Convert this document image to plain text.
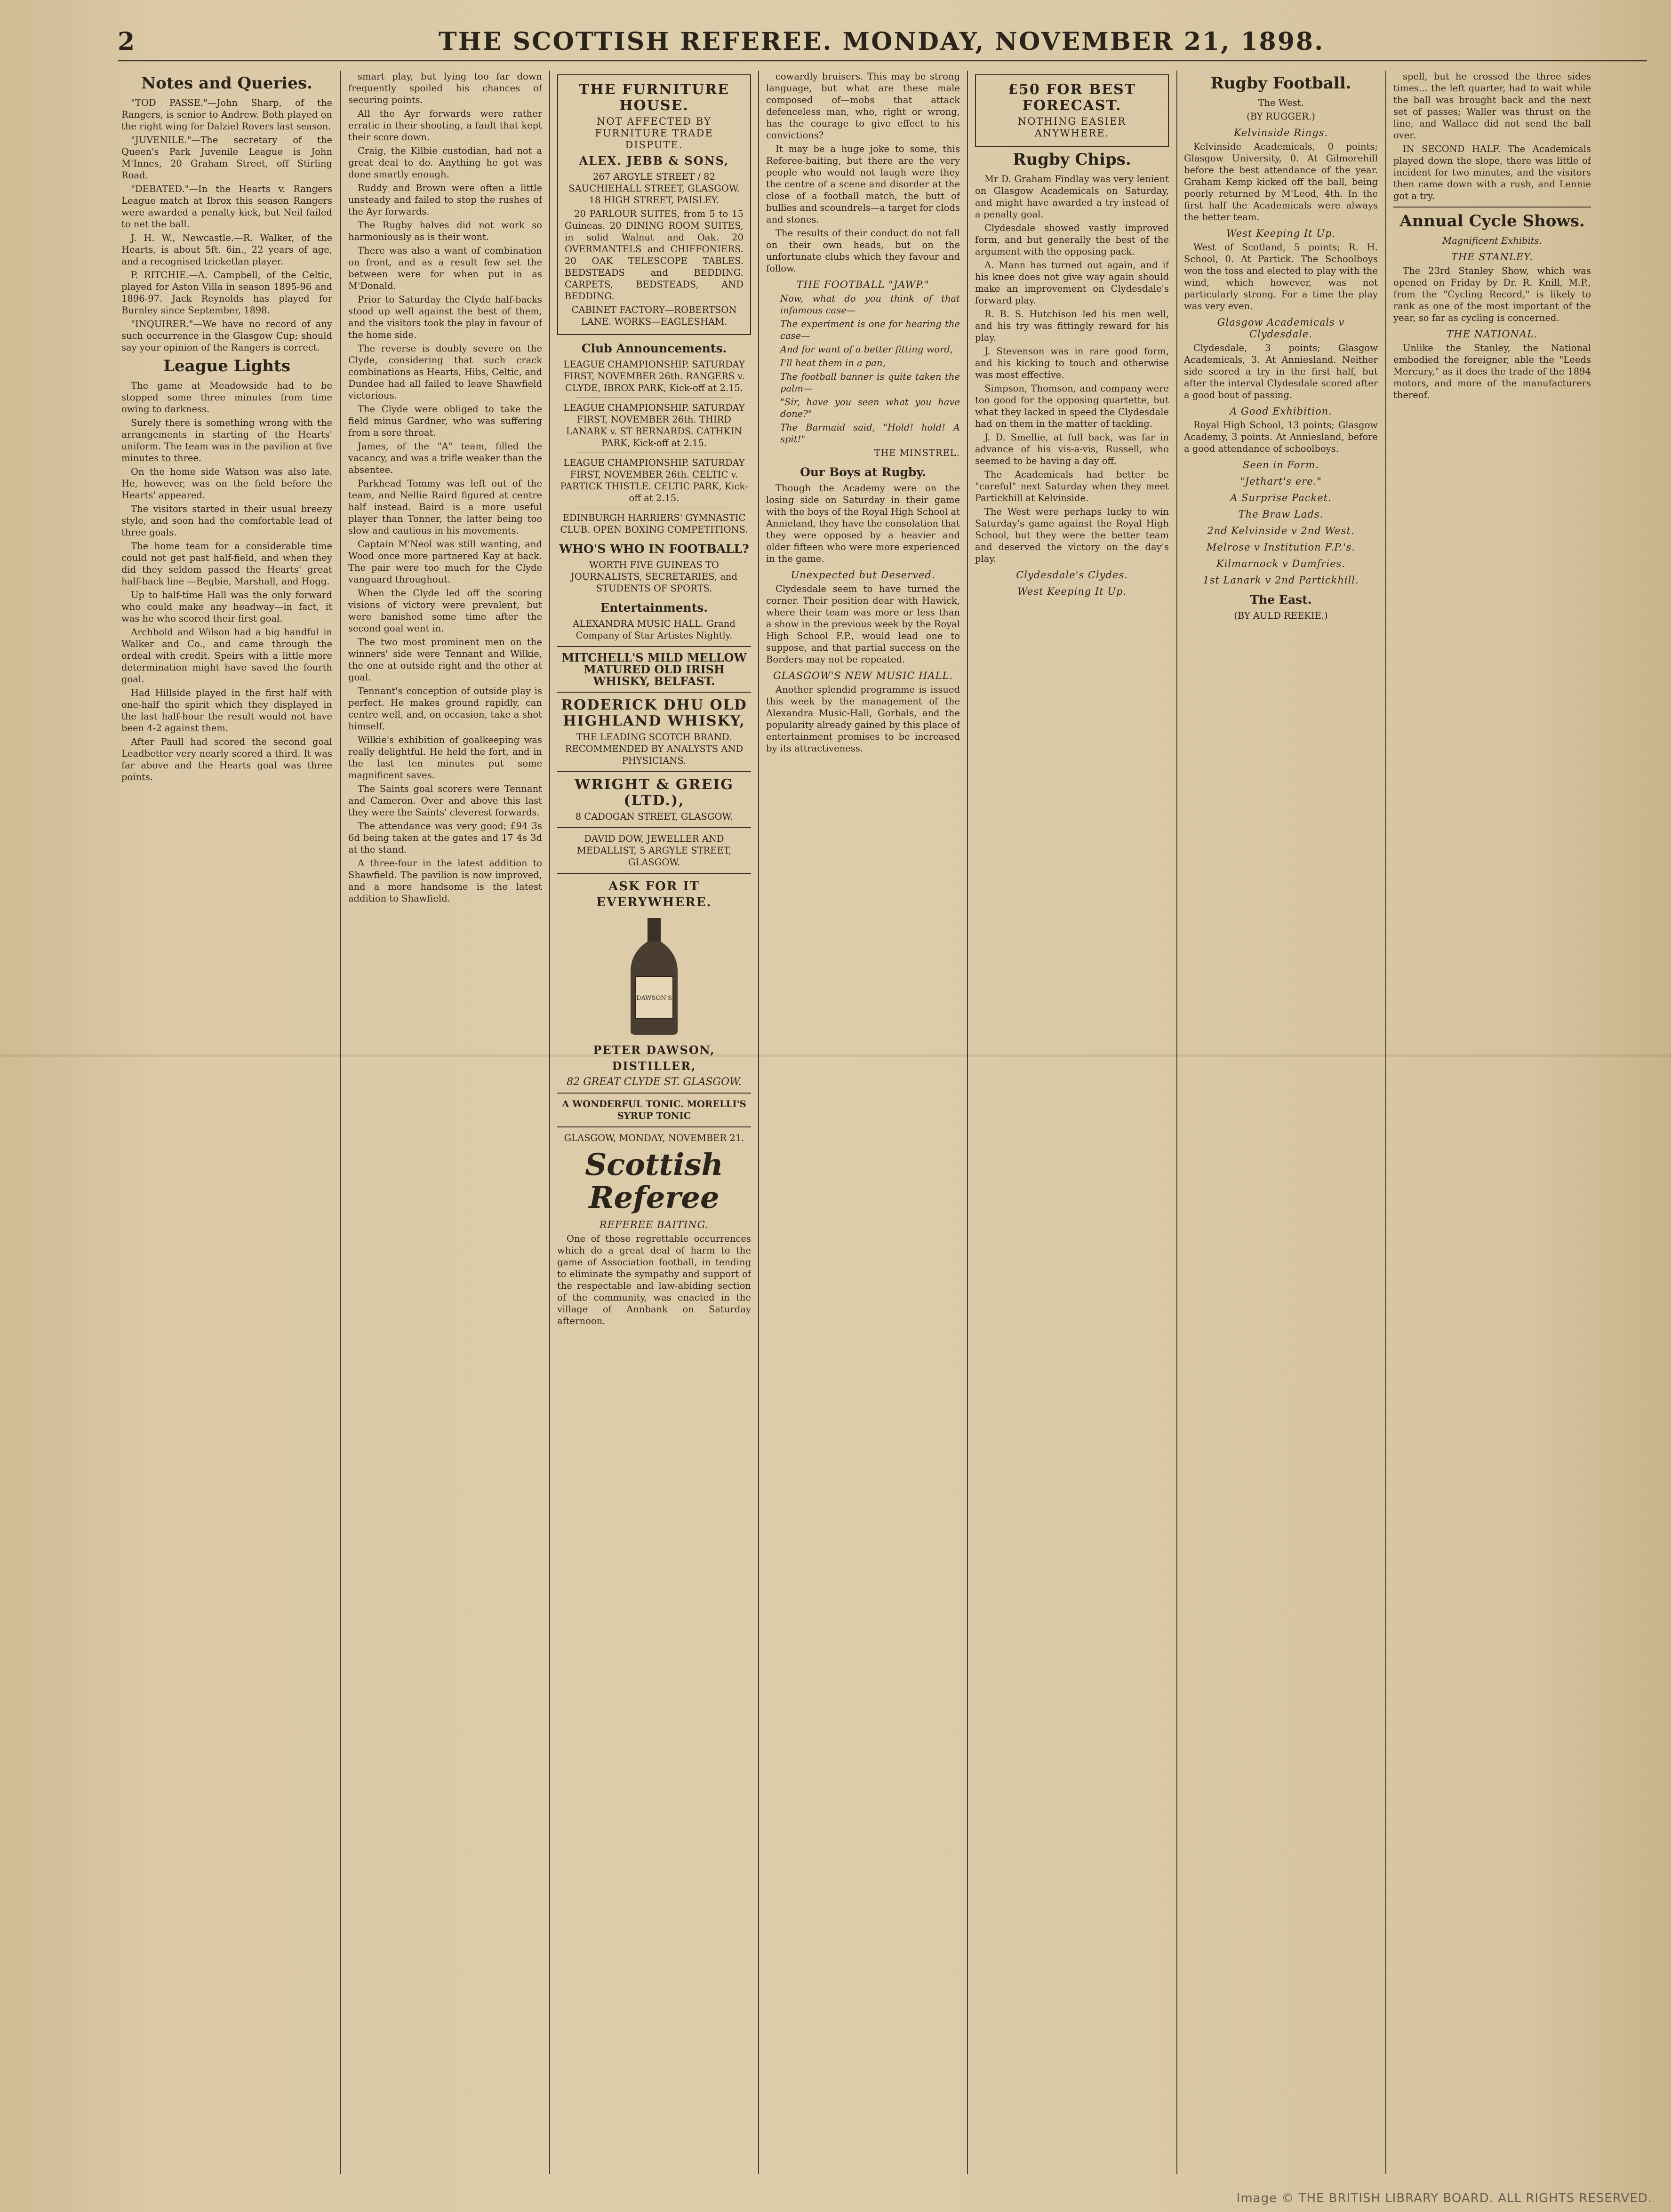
2	THE SCOTTISH REFEREE. MONDAY, NOVEMBER 21, 1898.
Notes and Queries.

"TOD PASSE."—John Sharp, of the Rangers, is senior to Andrew. Both played on the right wing for Dalziel Rovers last season.

"JUVENILE."—The secretary of the Queen's Park Juvenile League is John M'Innes, 20 Graham Street, off Stirling Road.

"DEBATED."—In the Hearts v. Rangers League match at Ibrox this season Rangers were awarded a penalty kick, but Neil failed to net the ball.

J. H. W., Newcastle.—R. Walker, of the Hearts, is about 5ft. 6in., 22 years of age, and a recognised tricketlan player.

P. RITCHIE.—A. Campbell, of the Celtic, played for Aston Villa in season 1895-96 and 1896-97. Jack Reynolds has played for Burnley since September, 1898.

"INQUIRER."—We have no record of any such occurrence in the Glasgow Cup; should say your opinion of the Rangers is correct.

League Lights

The game at Meadowside had to be stopped some three minutes from time owing to darkness.

Surely there is something wrong with the arrangements in starting of the Hearts' uniform. The team was in the pavilion at five minutes to three.

On the home side Watson was also late. He, however, was on the field before the Hearts' appeared.

The visitors started in their usual breezy style, and soon had the comfortable lead of three goals.

The home team for a considerable time could not get past half-field, and when they did they seldom passed the Hearts' great half-back line —Begbie, Marshall, and Hogg.

Up to half-time Hall was the only forward who could make any headway—in fact, it was he who scored their first goal.

Archbold and Wilson had a big handful in Walker and Co., and came through the ordeal with credit. Speirs with a little more determination might have saved the fourth goal.

Had Hillside played in the first half with one-half the spirit which they displayed in the last half-hour the result would not have been 4-2 against them.

After Paull had scored the second goal Leadbetter very nearly scored a third. It was far above and the Hearts goal was three points.

smart play, but lying too far down frequently spoiled his chances of securing points.

All the Ayr forwards were rather erratic in their shooting, a fault that kept their score down.

Craig, the Kilbie custodian, had not a great deal to do. Anything he got was done smartly enough.

Ruddy and Brown were often a little unsteady and failed to stop the rushes of the Ayr forwards.

The Rugby halves did not work so harmoniously as is their wont.

There was also a want of combination on front, and as a result few set the between were for when put in as M'Donald.

Prior to Saturday the Clyde half-backs stood up well against the best of them, and the visitors took the play in favour of the home side.

The reverse is doubly severe on the Clyde, considering that such crack combinations as Hearts, Hibs, Celtic, and Dundee had all failed to leave Shawfield victorious.

The Clyde were obliged to take the field minus Gardner, who was suffering from a sore throat.

James, of the "A" team, filled the vacancy, and was a trifle weaker than the absentee.

Parkhead Tommy was left out of the team, and Nellie Raird figured at centre half instead. Baird is a more useful player than Tonner, the latter being too slow and cautious in his movements.

Captain M'Neol was still wanting, and Wood once more partnered Kay at back. The pair were too much for the Clyde vanguard throughout.

When the Clyde led off the scoring visions of victory were prevalent, but were banished some time after the second goal went in.

The two most prominent men on the winners' side were Tennant and Wilkie, the one at outside right and the other at goal.

Tennant's conception of outside play is perfect. He makes ground rapidly, can centre well, and, on occasion, take a shot himself.

Wilkie's exhibition of goalkeeping was really delightful. He held the fort, and in the last ten minutes put some magnificent saves.

The Saints goal scorers were Tennant and Cameron. Over and above this last they were the Saints' cleverest forwards.

The attendance was very good; £94 3s 6d being taken at the gates and 17 4s 3d at the stand.

A three-four in the latest addition to Shawfield. The pavilion is now improved, and a more handsome is the latest addition to Shawfield.

THE FURNITURE HOUSE.
NOT AFFECTED BY FURNITURE TRADE DISPUTE.
ALEX. JEBB & SONS,

267 ARGYLE STREET / 82 SAUCHIEHALL STREET, GLASGOW. 18 HIGH STREET, PAISLEY.

20 PARLOUR SUITES, from 5 to 15 Guineas. 20 DINING ROOM SUITES, in solid Walnut and Oak. 20 OVERMANTELS and CHIFFONIERS. 20 OAK TELESCOPE TABLES. BEDSTEADS and BEDDING. CARPETS, BEDSTEADS, AND BEDDING.

CABINET FACTORY—ROBERTSON LANE. WORKS—EAGLESHAM.

Club Announcements.

LEAGUE CHAMPIONSHIP. SATURDAY FIRST, NOVEMBER 26th. RANGERS v. CLYDE, IBROX PARK, Kick-off at 2.15.

LEAGUE CHAMPIONSHIP. SATURDAY FIRST, NOVEMBER 26th. THIRD LANARK v. ST BERNARDS. CATHKIN PARK, Kick-off at 2.15.

LEAGUE CHAMPIONSHIP. SATURDAY FIRST, NOVEMBER 26th. CELTIC v. PARTICK THISTLE. CELTIC PARK, Kick-off at 2.15.

EDINBURGH HARRIERS' GYMNASTIC CLUB. OPEN BOXING COMPETITIONS.

WHO'S WHO IN FOOTBALL?

WORTH FIVE GUINEAS TO JOURNALISTS, SECRETARIES, and STUDENTS OF SPORTS.

Entertainments.

ALEXANDRA MUSIC HALL. Grand Company of Star Artistes Nightly.

MITCHELL'S MILD MELLOW MATURED OLD IRISH WHISKY, BELFAST.

RODERICK DHU OLD HIGHLAND WHISKY,

THE LEADING SCOTCH BRAND. RECOMMENDED BY ANALYSTS AND PHYSICIANS.

WRIGHT & GREIG (LTD.),

8 CADOGAN STREET, GLASGOW.

DAVID DOW, JEWELLER AND MEDALLIST, 5 ARGYLE STREET, GLASGOW.

ASK FOR IT EVERYWHERE.
DAWSON'S
PETER DAWSON, DISTILLER,

82 GREAT CLYDE ST. GLASGOW.

A WONDERFUL TONIC. MORELLI'S SYRUP TONIC

GLASGOW, MONDAY, NOVEMBER 21.

Scottish Referee
REFEREE BAITING.

One of those regrettable occurrences which do a great deal of harm to the game of Association football, in tending to eliminate the sympathy and support of the respectable and law-abiding section of the community, was enacted in the village of Annbank on Saturday afternoon.

cowardly bruisers. This may be strong language, but what are these male composed of—mobs that attack defenceless man, who, right or wrong, has the courage to give effect to his convictions?

It may be a huge joke to some, this Referee-baiting, but there are the very people who would not laugh were they the centre of a scene and disorder at the close of a football match, the butt of bullies and scoundrels—a target for clods and stones.

The results of their conduct do not fall on their own heads, but on the unfortunate clubs which they favour and follow.

THE FOOTBALL "JAWP."

Now, what do you think of that infamous case—

The experiment is one for hearing the case—

And for want of a better fitting word,

I'll heat them in a pan,

The football banner is quite taken the palm—

"Sir, have you seen what you have done?"

The Barmaid said, "Hold! hold! A spit!"

THE MINSTREL.

Our Boys at Rugby.

Though the Academy were on the losing side on Saturday in their game with the boys of the Royal High School at Annieland, they have the consolation that they were opposed by a heavier and older fifteen who were more experienced in the game.

Unexpected but Deserved.

Clydesdale seem to have turned the corner. Their position dear with Hawick, where their team was more or less than a show in the previous week by the Royal High School F.P., would lead one to suppose, and that partial success on the Borders may not be repeated.

GLASGOW'S NEW MUSIC HALL.

Another splendid programme is issued this week by the management of the Alexandra Music-Hall, Gorbals, and the popularity already gained by this place of entertainment promises to be increased by its attractiveness.

£50 FOR BEST FORECAST.
NOTHING EASIER ANYWHERE.
Rugby Chips.

Mr D. Graham Findlay was very lenient on Glasgow Academicals on Saturday, and might have awarded a try instead of a penalty goal.

Clydesdale showed vastly improved form, and but generally the best of the argument with the opposing pack.

A. Mann has turned out again, and if his knee does not give way again should make an improvement on Clydesdale's forward play.

R. B. S. Hutchison led his men well, and his try was fittingly reward for his play.

J. Stevenson was in rare good form, and his kicking to touch and otherwise was most effective.

Simpson, Thomson, and company were too good for the opposing quartette, but what they lacked in speed the Clydesdale had on them in the matter of tackling.

J. D. Smellie, at full back, was far in advance of his vis-a-vis, Russell, who seemed to be having a day off.

The Academicals had better be "careful" next Saturday when they meet Partickhill at Kelvinside.

The West were perhaps lucky to win Saturday's game against the Royal High School, but they were the better team and deserved the victory on the day's play.

Clydesdale's Clydes.
West Keeping It Up.
Rugby Football.

The West.

(BY RUGGER.)

Kelvinside Rings.

Kelvinside Academicals, 0 points; Glasgow University, 0. At Gilmorehill before the best attendance of the year. Graham Kemp kicked off the ball, being poorly returned by M'Leod, 4th. In the first half the Academicals were always the better team.

West Keeping It Up.

West of Scotland, 5 points; R. H. School, 0. At Partick. The Schoolboys won the toss and elected to play with the wind, which however, was not particularly strong. For a time the play was very even.

Glasgow Academicals v Clydesdale.

Clydesdale, 3 points; Glasgow Academicals, 3. At Anniesland. Neither side scored a try in the first half, but after the interval Clydesdale scored after a good bout of passing.

A Good Exhibition.

Royal High School, 13 points; Glasgow Academy, 3 points. At Anniesland, before a good attendance of schoolboys.

Seen in Form.
"Jethart's ere."
A Surprise Packet.
The Braw Lads.
2nd Kelvinside v 2nd West.
Melrose v Institution F.P.'s.
Kilmarnock v Dumfries.
1st Lanark v 2nd Partickhill.
The East.

(BY AULD REEKIE.)

spell, but he crossed the three sides times... the left quarter, had to wait while the ball was brought back and the next set of passes; Waller was thrust on the line, and Wallace did not send the ball over.

IN SECOND HALF. The Academicals played down the slope, there was little of incident for two minutes, and the visitors then came down with a rush, and Lennie got a try.

Annual Cycle Shows.

Magnificent Exhibits.

THE STANLEY.

The 23rd Stanley Show, which was opened on Friday by Dr. R. Knill, M.P., from the "Cycling Record," is likely to rank as one of the most important of the year, so far as cycling is concerned.

THE NATIONAL.

Unlike the Stanley, the National embodied the foreigner, able the "Leeds Mercury," as it does the trade of the 1894 motors, and more of the manufacturers thereof.

Image © THE BRITISH LIBRARY BOARD. ALL RIGHTS RESERVED.
